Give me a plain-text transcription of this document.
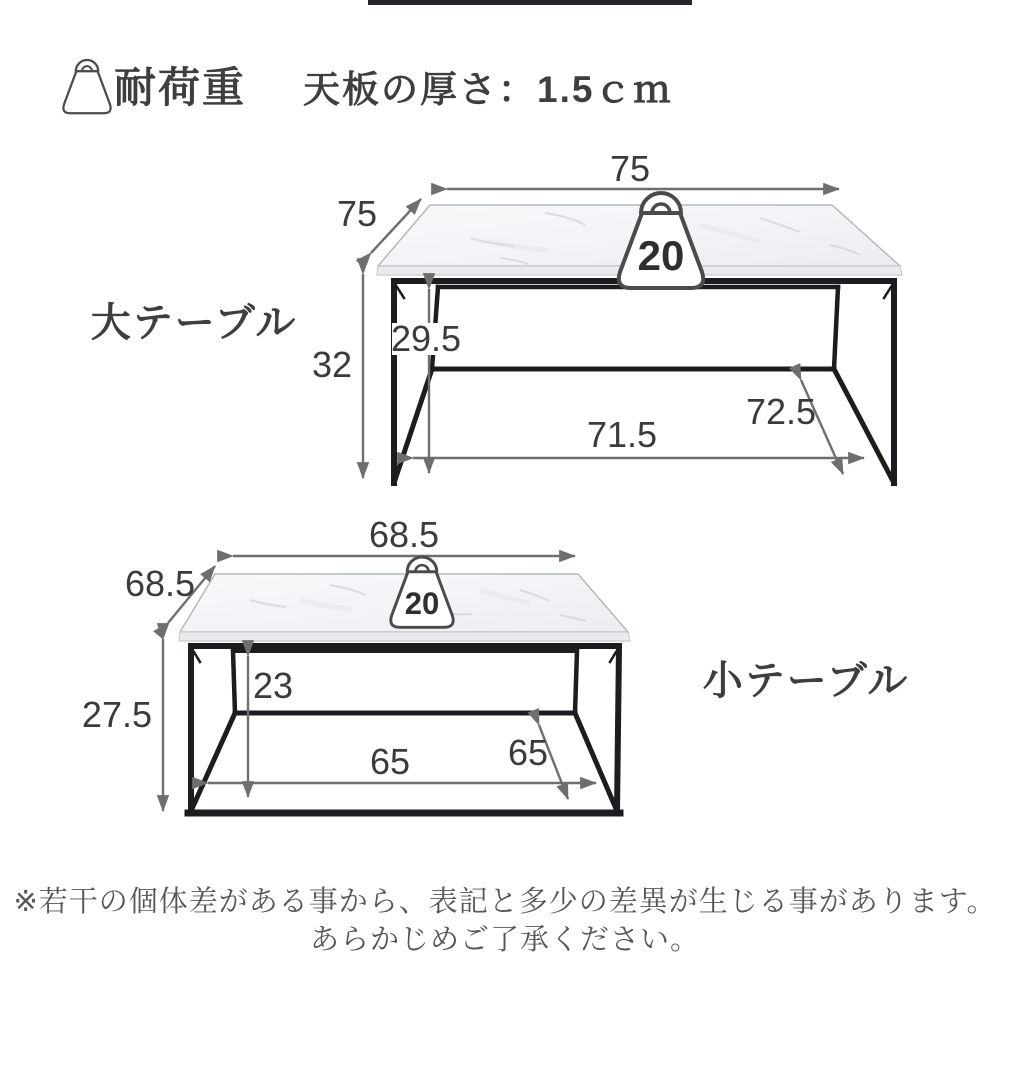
耐荷重 天板の厚さ：1.5ｃｍ
75
75
32
29.5
71.5
72.5
20
大テーブル
68.5
68.5
27.5
23
65	65
20
小テーブル
※若干の個体差がある事から、表記と多少の差異が生じる事があります。
あらかじめご了承ください。
